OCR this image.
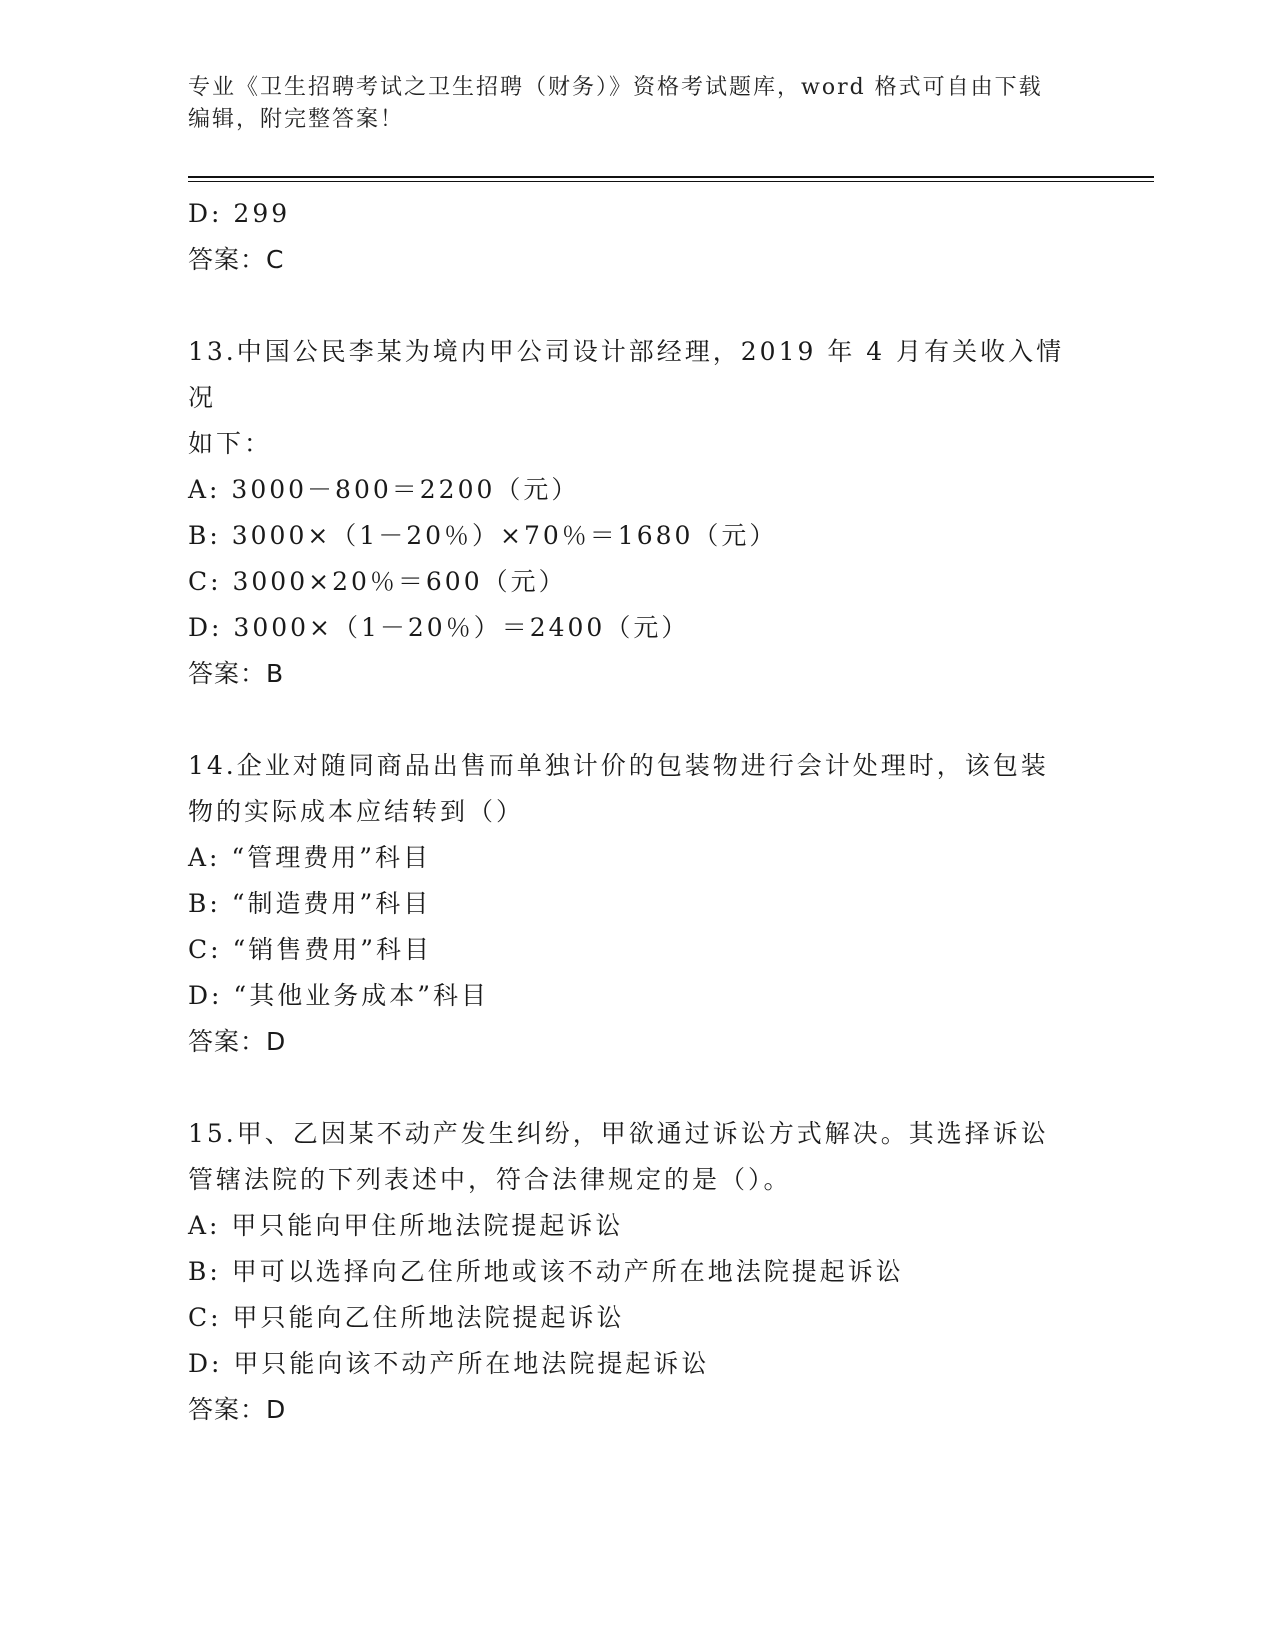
专业《卫生招聘考试之卫生招聘（财务）》资格考试题库，word 格式可自由下载
编辑，附完整答案！

D: 299

答案：C

13.中国公民李某为境内甲公司设计部经理，2019 年 4 月有关收入情况

如下：

A: 3000－800＝2200（元）

B: 3000×（1－20％）×70％＝1680（元）

C: 3000×20％＝600（元）

D: 3000×（1－20％）＝2400（元）

答案：B

14.企业对随同商品出售而单独计价的包装物进行会计处理时，该包装

物的实际成本应结转到（）

A: “管理费用”科目

B: “制造费用”科目

C: “销售费用”科目

D: “其他业务成本”科目

答案：D

15.甲、乙因某不动产发生纠纷，甲欲通过诉讼方式解决。其选择诉讼

管辖法院的下列表述中，符合法律规定的是（）。

A: 甲只能向甲住所地法院提起诉讼

B: 甲可以选择向乙住所地或该不动产所在地法院提起诉讼

C: 甲只能向乙住所地法院提起诉讼

D: 甲只能向该不动产所在地法院提起诉讼

答案：D
